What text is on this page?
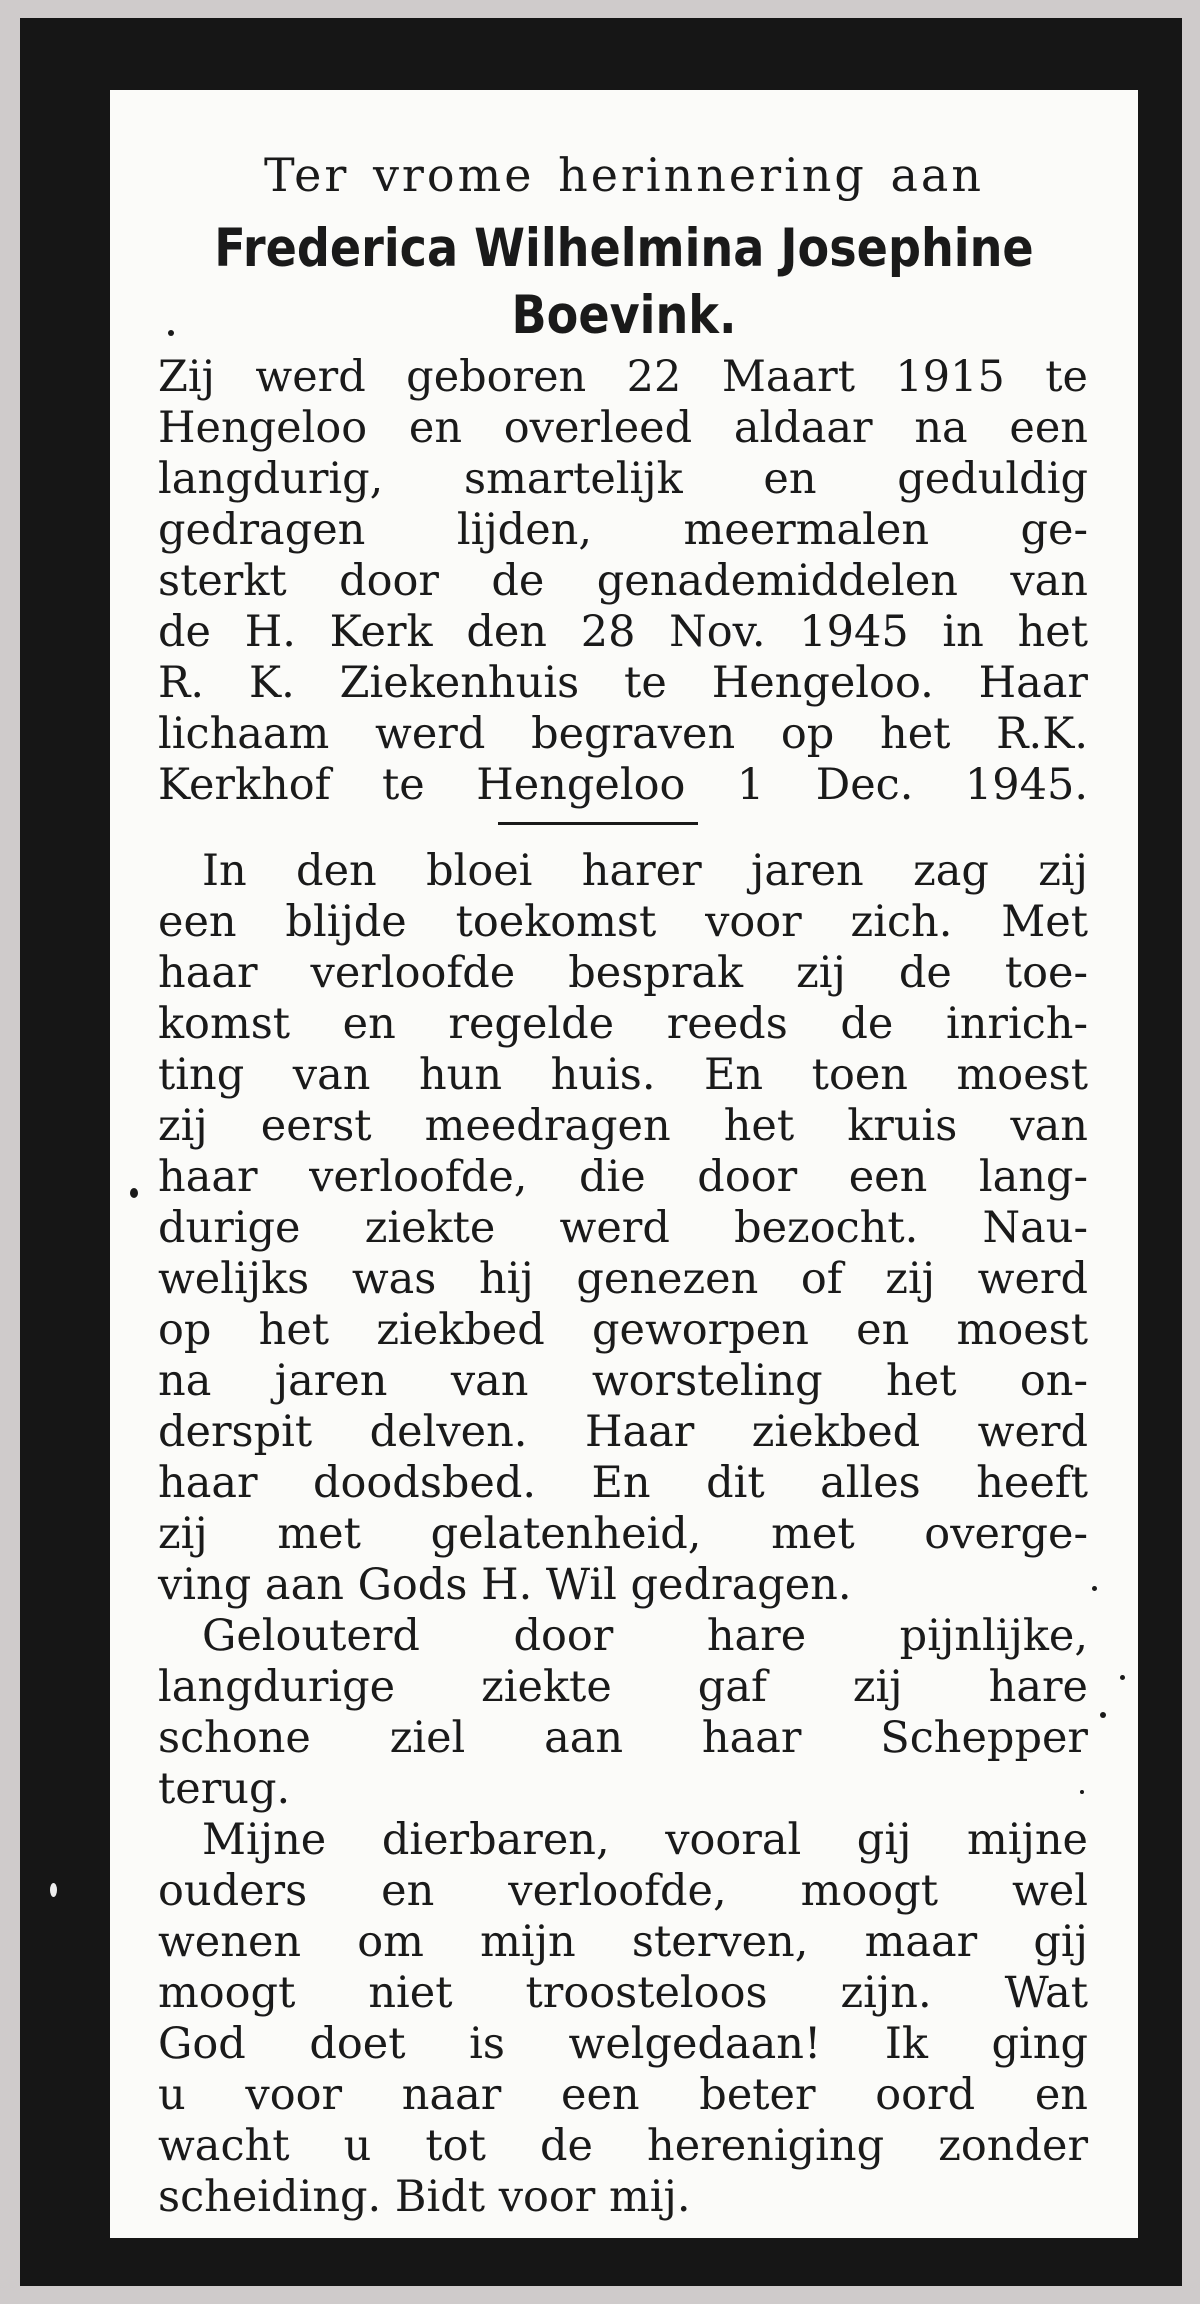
Ter vrome herinnering aan

Frederica Wilhelmina Josephine

Boevink.

Zij werd geboren 22 Maart 1915 te
Hengeloo en overleed aldaar na een
langdurig, smartelijk en geduldig
gedragen lijden, meermalen ge-
sterkt door de genademiddelen van
de H. Kerk den 28 Nov. 1945 in het
R. K. Ziekenhuis te Hengeloo. Haar
lichaam werd begraven op het R.K.
Kerkhof te Hengeloo 1 Dec. 1945.
In den bloei harer jaren zag zij
een blijde toekomst voor zich. Met
haar verloofde besprak zij de toe-
komst en regelde reeds de inrich-
ting van hun huis. En toen moest
zij eerst meedragen het kruis van
haar verloofde, die door een lang-
durige ziekte werd bezocht. Nau-
welijks was hij genezen of zij werd
op het ziekbed geworpen en moest
na jaren van worsteling het on-
derspit delven. Haar ziekbed werd
haar doodsbed. En dit alles heeft
zij met gelatenheid, met overge-
ving aan Gods H. Wil gedragen.
Gelouterd door hare pijnlijke,
langdurige ziekte gaf zij hare
schone ziel aan haar Schepper
terug.
Mijne dierbaren, vooral gij mijne
ouders en verloofde, moogt wel
wenen om mijn sterven, maar gij
moogt niet troosteloos zijn. Wat
God doet is welgedaan! Ik ging
u voor naar een beter oord en
wacht u tot de hereniging zonder
scheiding. Bidt voor mij.
